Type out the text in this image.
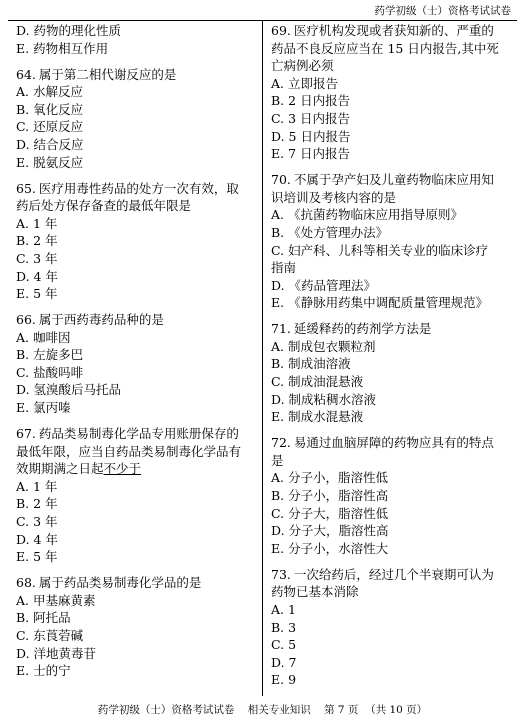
药学初级（士）资格考试试卷

D. 药物的理化性质

E. 药物相互作用

64. 属于第二相代谢反应的是

A. 水解反应

B. 氧化反应

C. 还原反应

D. 结合反应

E. 脱氨反应

65. 医疗用毒性药品的处方一次有效，取

药后处方保存备查的最低年限是

A. 1 年

B. 2 年

C. 3 年

D. 4 年

E. 5 年

66. 属于西药毒药品种的是

A. 咖啡因

B. 左旋多巴

C. 盐酸吗啡

D. 氢溴酸后马托品

E. 氯丙嗪

67. 药品类易制毒化学品专用账册保存的

最低年限，应当自药品类易制毒化学品有

效期期满之日起不少于

A. 1 年

B. 2 年

C. 3 年

D. 4 年

E. 5 年

68. 属于药品类易制毒化学品的是

A. 甲基麻黄素

B. 阿托品

C. 东莨菪碱

D. 洋地黄毒苷

E. 士的宁

69. 医疗机构发现或者获知新的、严重的

药品不良反应应当在 15 日内报告,其中死

亡病例必须

A. 立即报告

B. 2 日内报告

C. 3 日内报告

D. 5 日内报告

E. 7 日内报告

70. 不属于孕产妇及儿童药物临床应用知

识培训及考核内容的是

A. 《抗菌药物临床应用指导原则》

B. 《处方管理办法》

C. 妇产科、儿科等相关专业的临床诊疗

指南

D. 《药品管理法》

E. 《静脉用药集中调配质量管理规范》

71. 延缓释药的药剂学方法是

A. 制成包衣颗粒剂

B. 制成油溶液

C. 制成油混悬液

D. 制成粘稠水溶液

E. 制成水混悬液

72. 易通过血脑屏障的药物应具有的特点

是

A. 分子小，脂溶性低

B. 分子小，脂溶性高

C. 分子大，脂溶性低

D. 分子大，脂溶性高

E. 分子小，水溶性大

73. 一次给药后，经过几个半衰期可认为

药物已基本消除

A. 1

B. 3

C. 5

D. 7

E. 9

药学初级（士）资格考试试卷 相关专业知识 第 7 页 （共 10 页）
